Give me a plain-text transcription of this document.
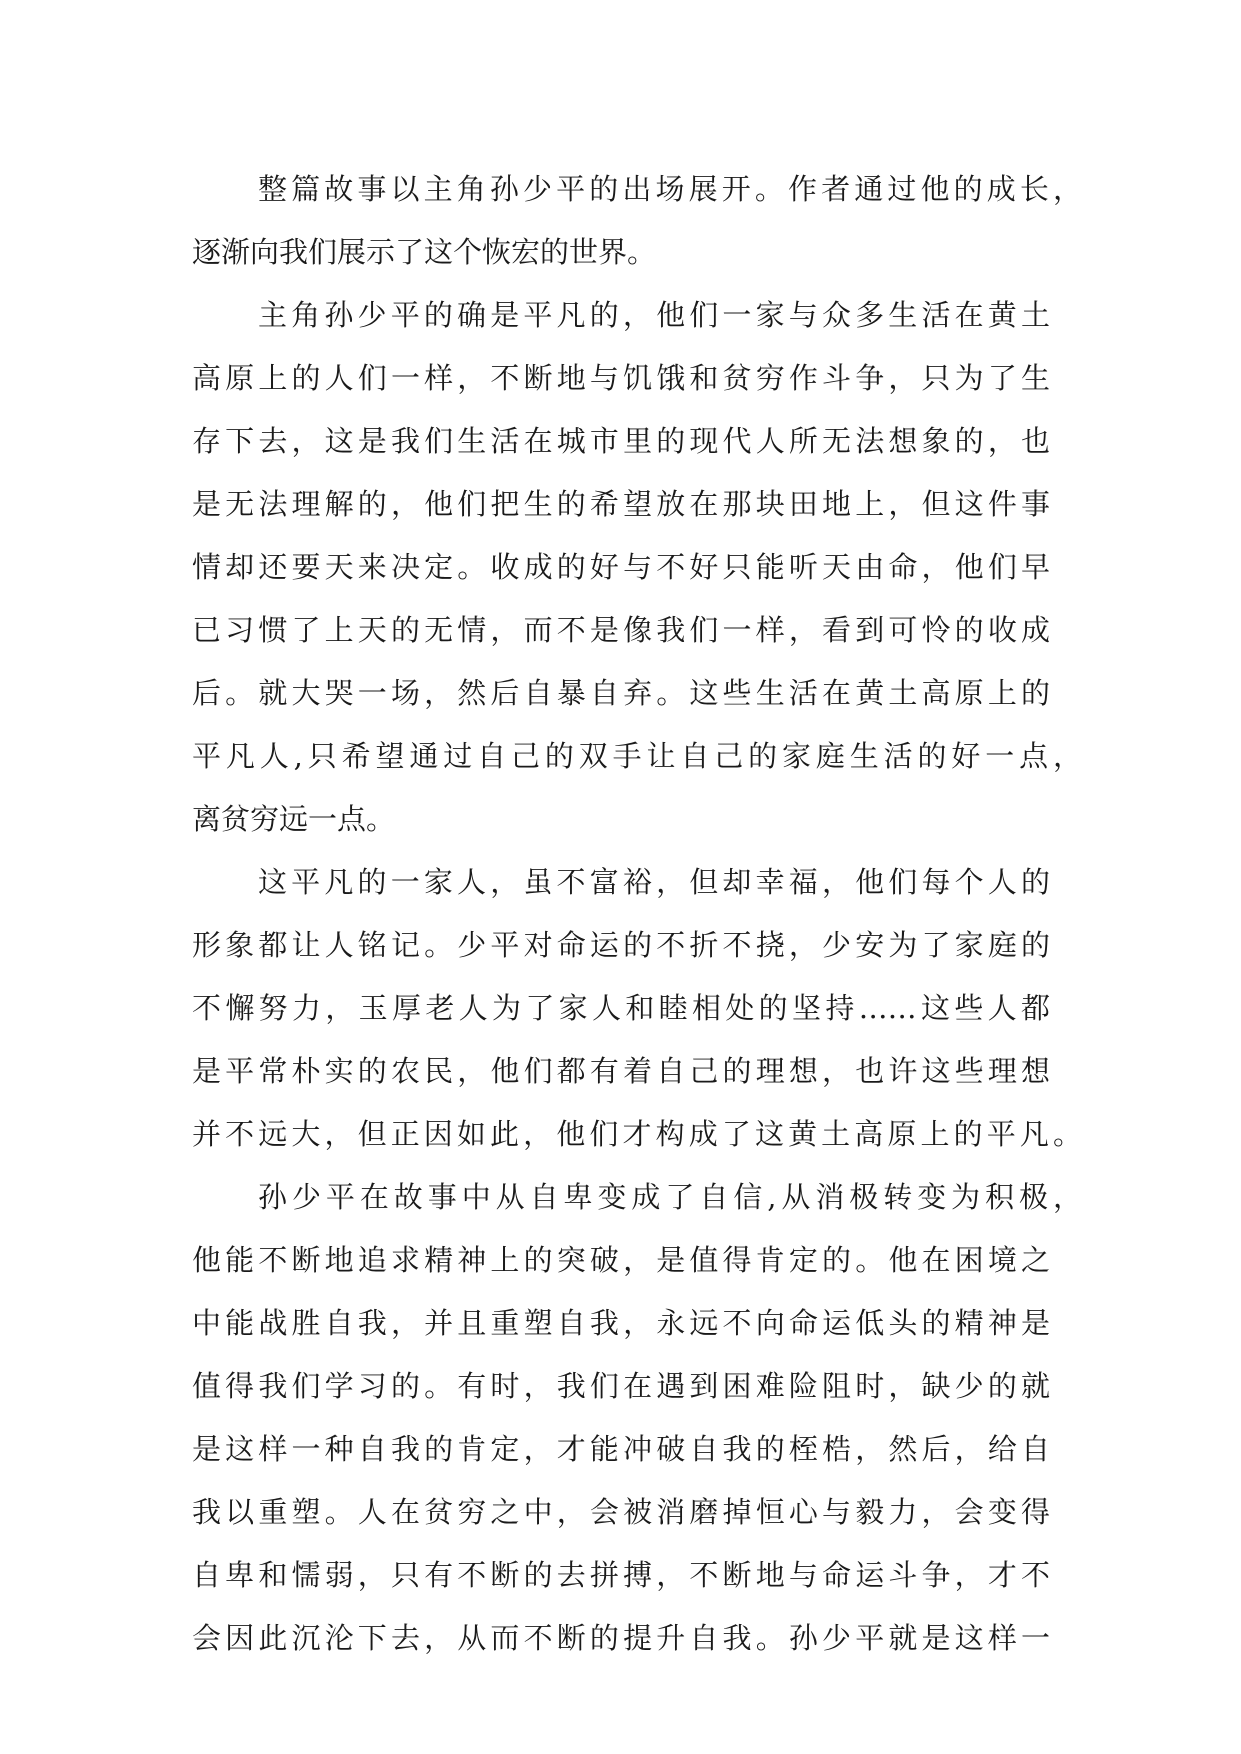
整篇故事以主角孙少平的出场展开。作者通过他的成长，
逐渐向我们展示了这个恢宏的世界。
主角孙少平的确是平凡的，他们一家与众多生活在黄土
高原上的人们一样，不断地与饥饿和贫穷作斗争，只为了生
存下去，这是我们生活在城市里的现代人所无法想象的，也
是无法理解的，他们把生的希望放在那块田地上，但这件事
情却还要天来决定。收成的好与不好只能听天由命，他们早
已习惯了上天的无情，而不是像我们一样，看到可怜的收成
后。就大哭一场，然后自暴自弃。这些生活在黄土高原上的
平凡人,只希望通过自己的双手让自己的家庭生活的好一点，
离贫穷远一点。
这平凡的一家人，虽不富裕，但却幸福，他们每个人的
形象都让人铭记。少平对命运的不折不挠，少安为了家庭的
不懈努力，玉厚老人为了家人和睦相处的坚持……这些人都
是平常朴实的农民，他们都有着自己的理想，也许这些理想
并不远大，但正因如此，他们才构成了这黄土高原上的平凡。
孙少平在故事中从自卑变成了自信,从消极转变为积极，
他能不断地追求精神上的突破，是值得肯定的。他在困境之
中能战胜自我，并且重塑自我，永远不向命运低头的精神是
值得我们学习的。有时，我们在遇到困难险阻时，缺少的就
是这样一种自我的肯定，才能冲破自我的桎梏，然后，给自
我以重塑。人在贫穷之中，会被消磨掉恒心与毅力，会变得
自卑和懦弱，只有不断的去拼搏，不断地与命运斗争，才不
会因此沉沦下去，从而不断的提升自我。孙少平就是这样一
